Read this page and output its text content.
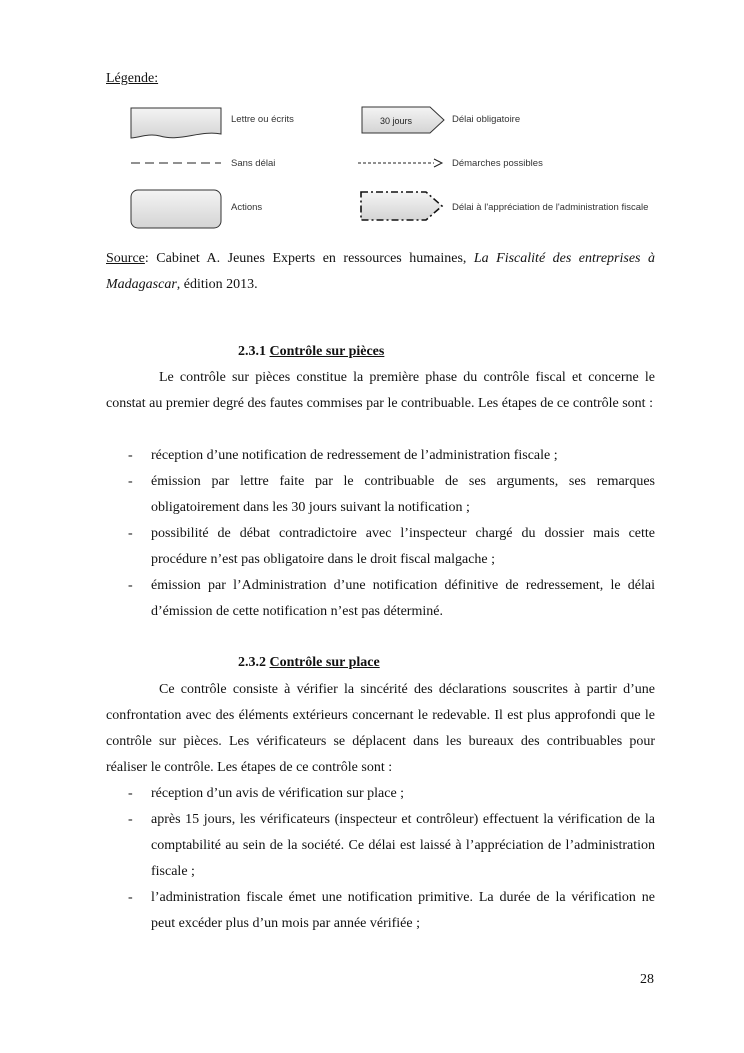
Légende:
Lettre ou écrits	30 jours	Délai obligatoire
Sans délai	Démarches possibles
Actions	Délai à l'appréciation de l'administration fiscale

Source: Cabinet A. Jeunes Experts en ressources humaines, La Fiscalité des entreprises à Madagascar, édition 2013.

2.3.1 Contrôle sur pièces

Le contrôle sur pièces constitue la première phase du contrôle fiscal et concerne le constat au premier degré des fautes commises par le contribuable. Les étapes de ce contrôle sont :

- réception d’une notification de redressement de l’administration fiscale ;
- émission par lettre faite par le contribuable de ses arguments, ses remarques obligatoirement dans les 30 jours suivant la notification ;
- possibilité de débat contradictoire avec l’inspecteur chargé du dossier mais cette procédure n’est pas obligatoire dans le droit fiscal malgache ;
- émission par l’Administration d’une notification définitive de redressement, le délai d’émission de cette notification n’est pas déterminé.
2.3.2 Contrôle sur place

Ce contrôle consiste à vérifier la sincérité des déclarations souscrites à partir d’une confrontation avec des éléments extérieurs concernant le redevable. Il est plus approfondi que le contrôle sur pièces. Les vérificateurs se déplacent dans les bureaux des contribuables pour réaliser le contrôle. Les étapes de ce contrôle sont :

- réception d’un avis de vérification sur place ;
- après 15 jours, les vérificateurs (inspecteur et contrôleur) effectuent la vérification de la comptabilité au sein de la société. Ce délai est laissé à l’appréciation de l’administration fiscale ;
- l’administration fiscale émet une notification primitive. La durée de la vérification ne peut excéder plus d’un mois par année vérifiée ;
28
